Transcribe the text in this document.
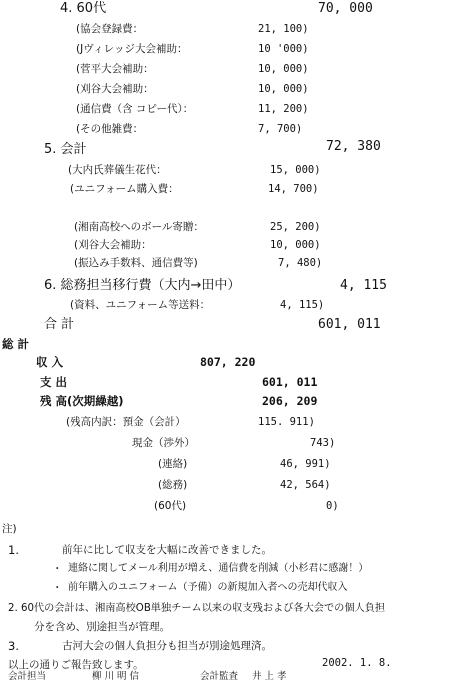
4. 60代	70, 000
(協会登録費：	21, 100)
(Jヴィレッジ大会補助：	10 '000)
(菅平大会補助：	10, 000)
(刈谷大会補助：	10, 000)
(通信費（含 コピー代）：	11, 200)
(その他雑費：	7, 700)
5. 会計	72, 380
(大内氏葬儀生花代：	15, 000)
(ユニフォーム購入費：	14, 700)
(湘南高校へのボール寄贈：	25, 200)
(刈谷大会補助：	10, 000)
(振込み手数料、通信費等)	7, 480)
6. 総務担当移行費（大内→田中）	4, 115
(資料、ユニフォーム等送料：	4, 115)
合 計	601, 011
総 計
収 入	807, 220
支 出	601, 011
残 高(次期繰越)	206, 209
(残高内訳：預金（会計）	115. 911)
現金（渉外）	743)
(連絡)	46, 991)
(総務)	42, 564)
(60代)	0)
注)
1.	前年に比して収支を大幅に改善できました。
・ 連絡に関してメール利用が増え、通信費を削減（小杉君に感謝！）
・ 前年購入のユニフォーム（予備）の新規加入者への売却代収入
2. 60代の会計は、湘南高校OB単独チーム以来の収支残および各大会での個人負担
分を含め、別途担当が管理。
3.	古河大会の個人負担分も担当が別途処理済。
以上の通りご報告致します。	2002. 1. 8.
会計担当	柳 川 明 信	会計監査 井 上 孝
